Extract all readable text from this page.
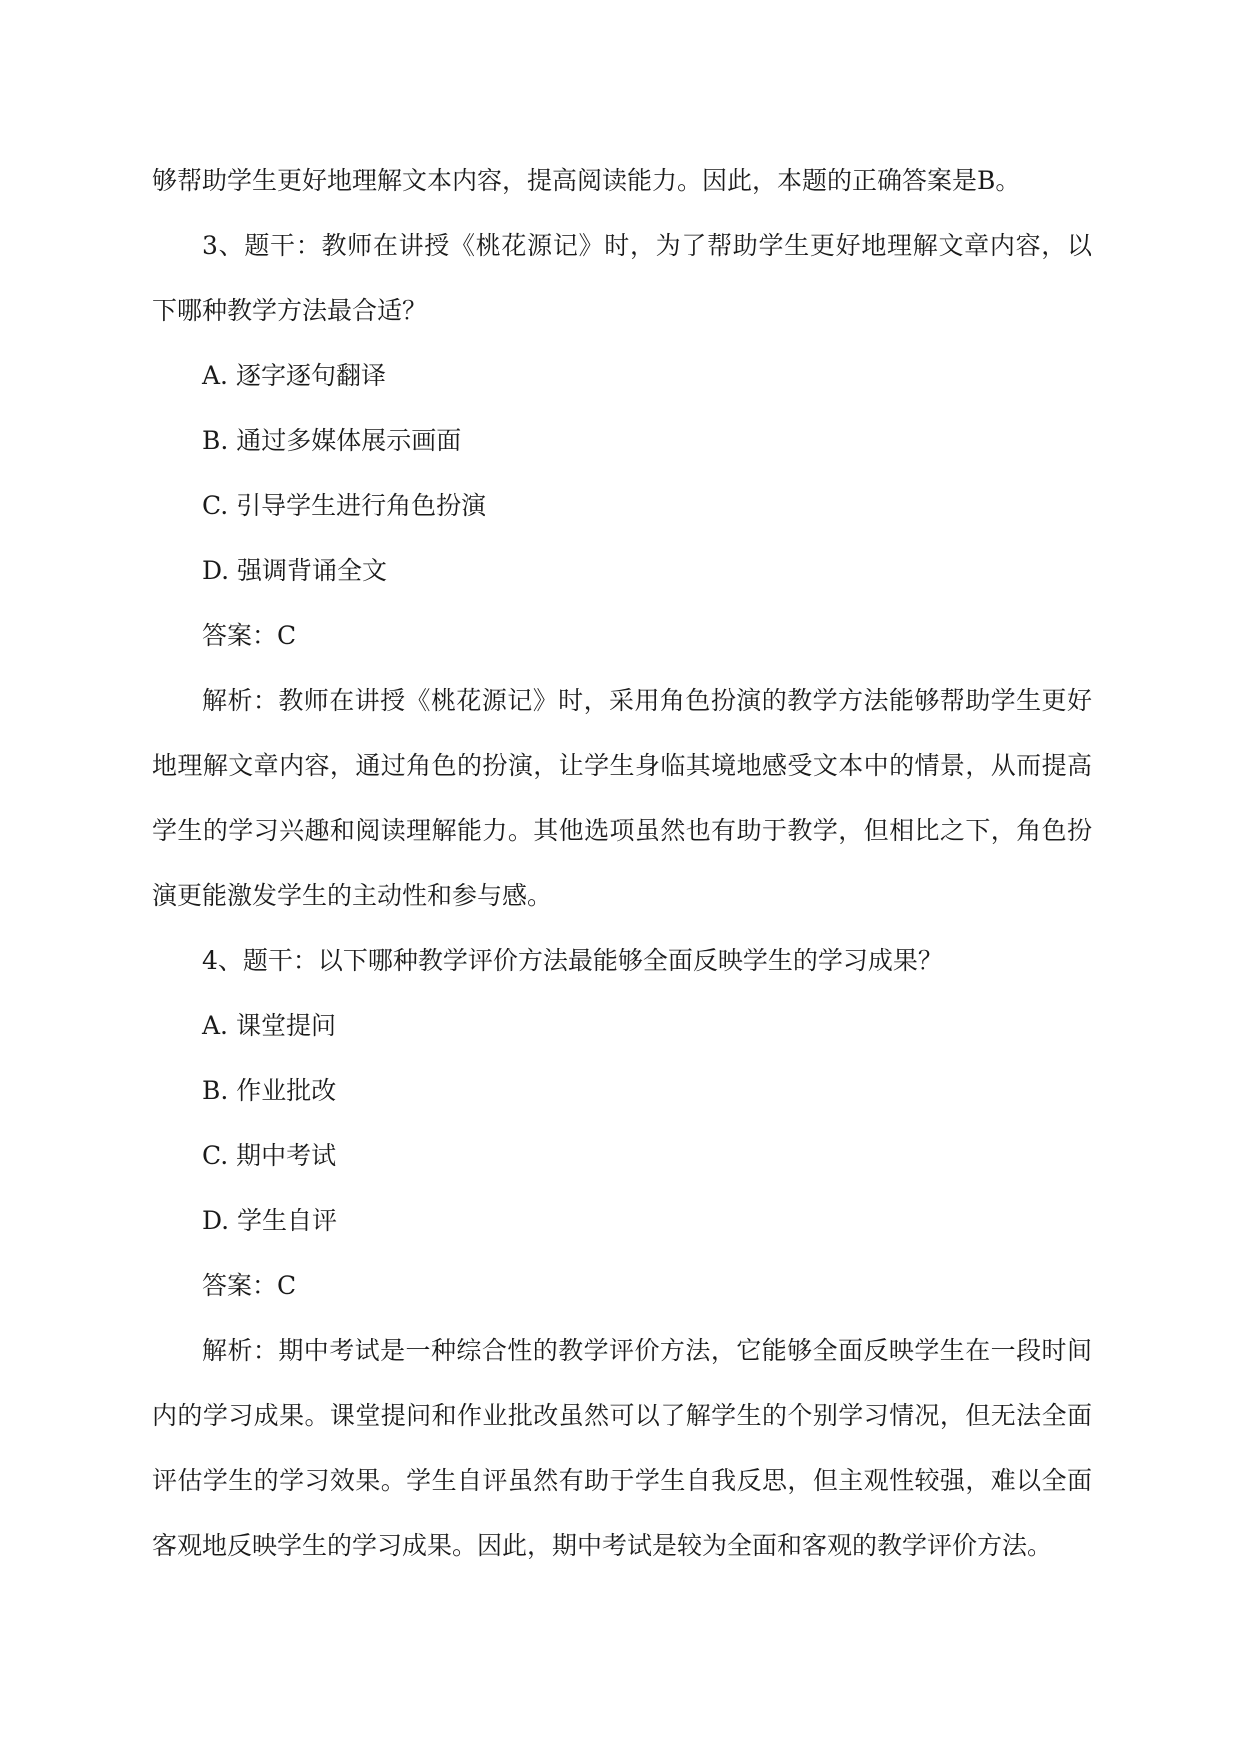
够帮助学生更好地理解文本内容，提高阅读能力。因此，本题的正确答案是B。

3、题干：教师在讲授《桃花源记》时，为了帮助学生更好地理解文章内容，以下哪种教学方法最合适？

A. 逐字逐句翻译

B. 通过多媒体展示画面

C. 引导学生进行角色扮演

D. 强调背诵全文

答案：C

解析：教师在讲授《桃花源记》时，采用角色扮演的教学方法能够帮助学生更好地理解文章内容，通过角色的扮演，让学生身临其境地感受文本中的情景，从而提高学生的学习兴趣和阅读理解能力。其他选项虽然也有助于教学，但相比之下，角色扮演更能激发学生的主动性和参与感。

4、题干：以下哪种教学评价方法最能够全面反映学生的学习成果？

A. 课堂提问

B. 作业批改

C. 期中考试

D. 学生自评

答案：C

解析：期中考试是一种综合性的教学评价方法，它能够全面反映学生在一段时间内的学习成果。课堂提问和作业批改虽然可以了解学生的个别学习情况，但无法全面评估学生的学习效果。学生自评虽然有助于学生自我反思，但主观性较强，难以全面客观地反映学生的学习成果。因此，期中考试是较为全面和客观的教学评价方法。
